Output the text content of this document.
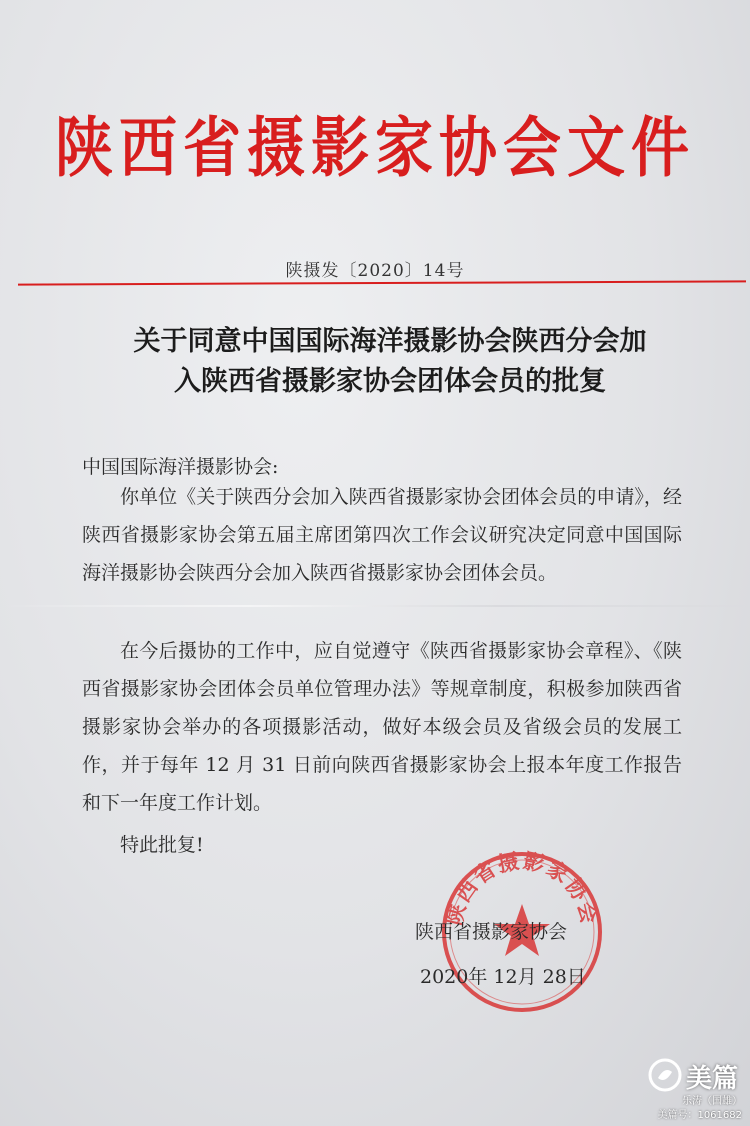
陕西省摄影家协会文件
陕摄发〔2020〕14号
关于同意中国国际海洋摄影协会陕西分会加
入陕西省摄影家协会团体会员的批复
中国国际海洋摄影协会:
你单位《关于陕西分会加入陕西省摄影家协会团体会员的申请》，经陕西省摄影家协会第五届主席团第四次工作会议研究决定同意中国国际海洋摄影协会陕西分会加入陕西省摄影家协会团体会员。
在今后摄协的工作中，应自觉遵守《陕西省摄影家协会章程》、《陕西省摄影家协会团体会员单位管理办法》等规章制度，积极参加陕西省摄影家协会举办的各项摄影活动，做好本级会员及省级会员的发展工作，并于每年 12 月 31 日前向陕西省摄影家协会上报本年度工作报告和下一年度工作计划。
特此批复!
陕西省摄影家协会
陕西省摄影家协会
2020年 12月 28日
美篇
乐涛（国雄）
美篇号：1061682
